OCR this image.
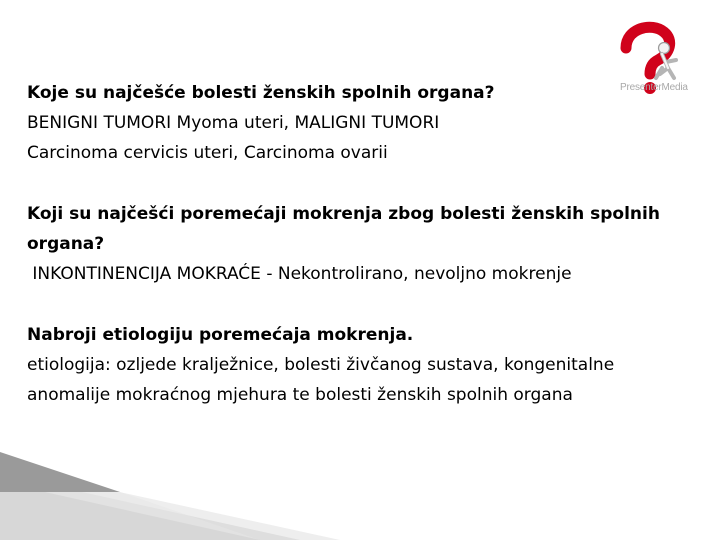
PresenterMedia
Koje su najčešće bolesti ženskih spolnih organa?
BENIGNI TUMORI Myoma uteri, MALIGNI TUMORI
Carcinoma cervicis uteri, Carcinoma ovarii
Koji su najčešći poremećaji mokrenja zbog bolesti ženskih spolnih
organa?
INKONTINENCIJA MOKRAĆE - Nekontrolirano, nevoljno mokrenje
Nabroji etiologiju poremećaja mokrenja.
etiologija: ozljede kralježnice, bolesti živčanog sustava, kongenitalne
anomalije mokraćnog mjehura te bolesti ženskih spolnih organa
